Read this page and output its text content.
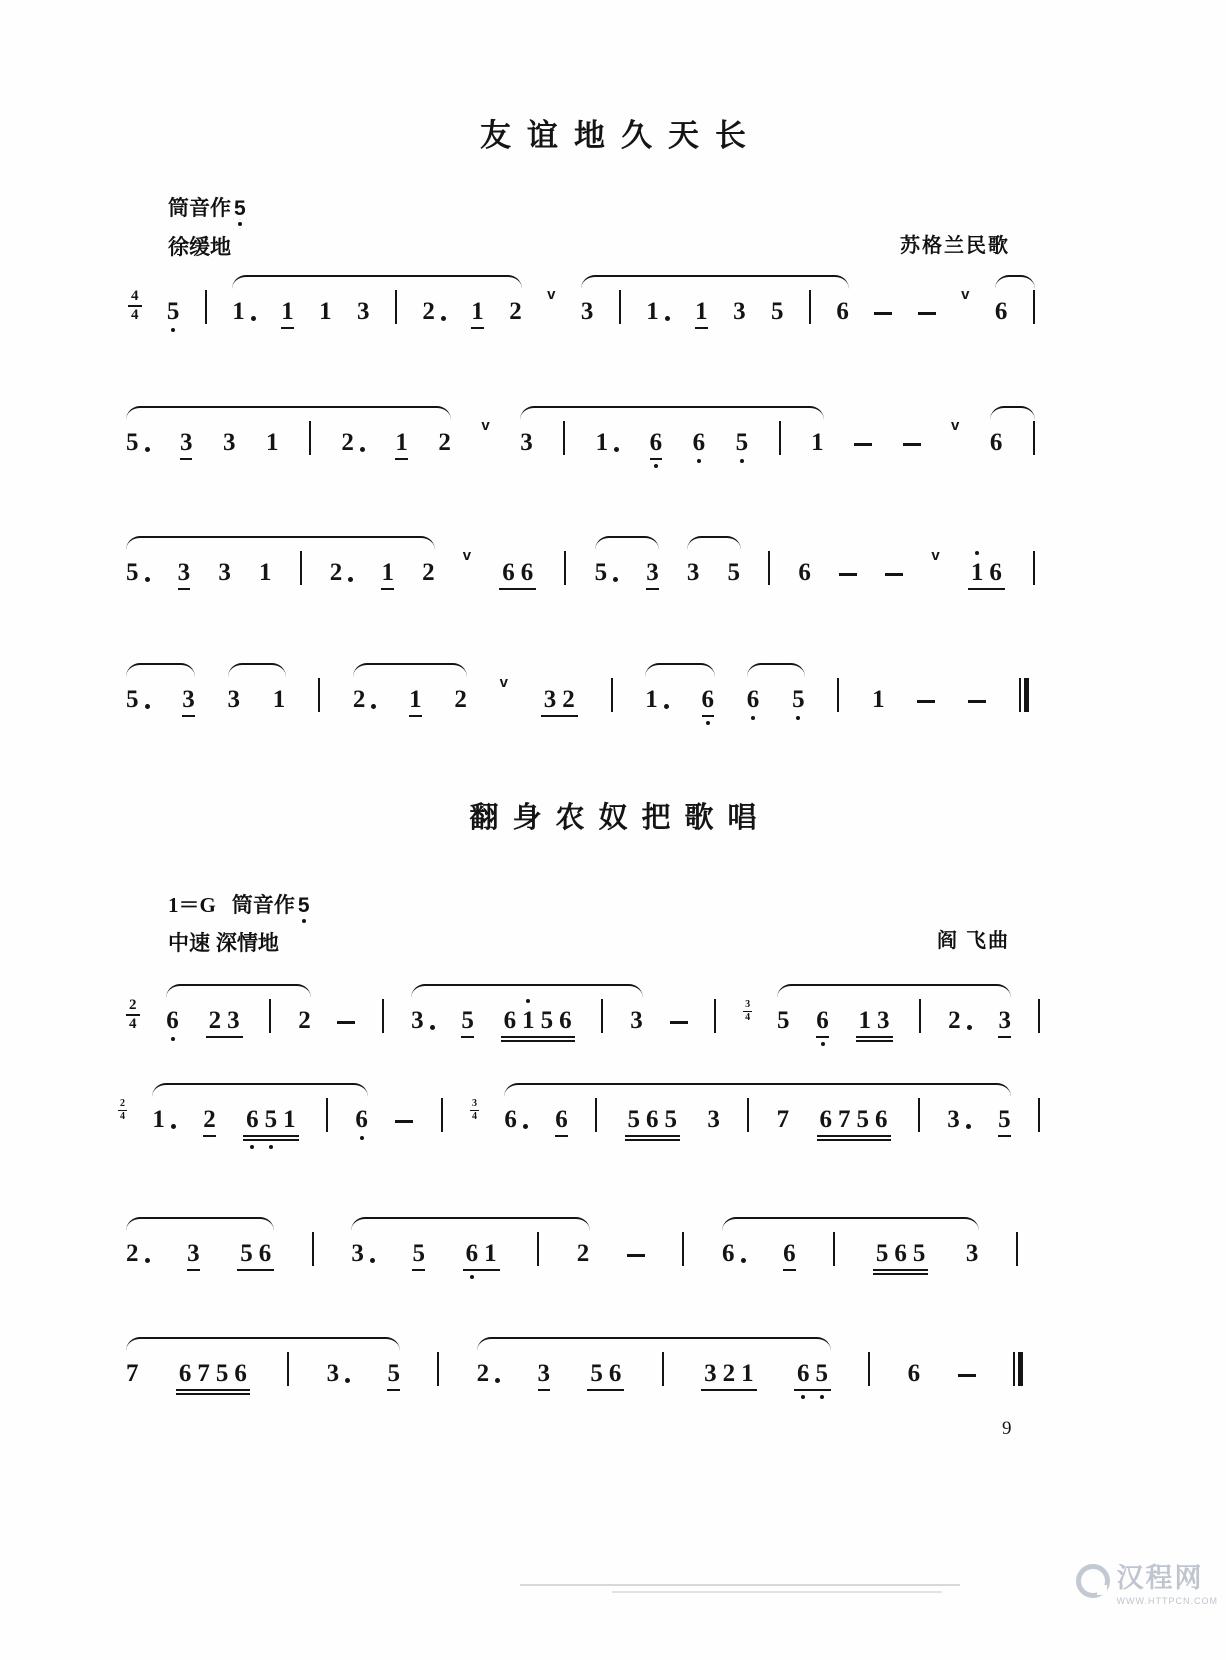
友谊地久天长
筒音作 5
徐缓地	苏格兰民歌
翻身农奴把歌唱
1＝G 筒音作 5
中速 深情地	阎 飞曲
9
汉程网
WWW.HTTPCN.COM
4
4 5 1 1 1 3 2 1 2
v
3 1 1 3 5 6
v
6
5 3 3 1	2 1 2
v
3	1 6 6 5	1
v
6
5 3 3 1 2 1 2
v
6 6 5 3 3 5 6
v
1 6
5 3 3 1	2 1 2
v
3 2	1 6 6 5	1
2
4 6 2 3 2	3 5 6 1 5 6 3
3
4 5 6 1 3 2 3
2
4 1 2 6 5 1 6
3
4 6 6 5 6 5 3 7 6 7 5 6 3 5
2 3 5 6	3 5 6 1	2	6 6	5 6 5 3
7 6 7 5 6	3 5	2 3 5 6	3 2 1 6 5	6
